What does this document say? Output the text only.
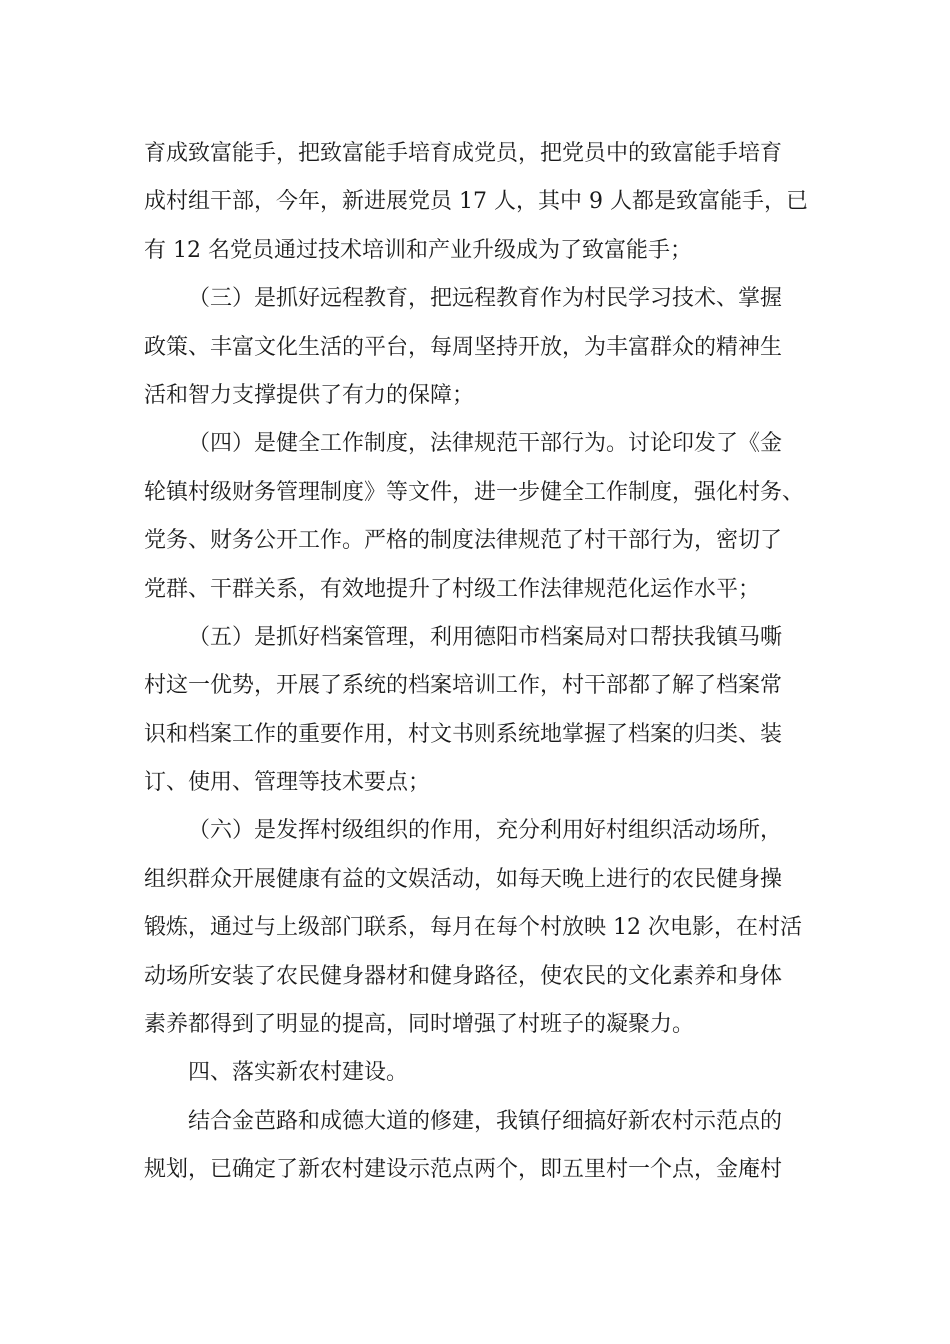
育成致富能手，把致富能手培育成党员，把党员中的致富能手培育
成村组干部，今年，新进展党员 17 人，其中 9 人都是致富能手，已
有 12 名党员通过技术培训和产业升级成为了致富能手；
（三）是抓好远程教育，把远程教育作为村民学习技术、掌握
政策、丰富文化生活的平台，每周坚持开放，为丰富群众的精神生
活和智力支撑提供了有力的保障；
（四）是健全工作制度，法律规范干部行为。讨论印发了《金
轮镇村级财务管理制度》等文件，进一步健全工作制度，强化村务、
党务、财务公开工作。严格的制度法律规范了村干部行为，密切了
党群、干群关系，有效地提升了村级工作法律规范化运作水平；
（五）是抓好档案管理，利用德阳市档案局对口帮扶我镇马嘶
村这一优势，开展了系统的档案培训工作，村干部都了解了档案常
识和档案工作的重要作用，村文书则系统地掌握了档案的归类、装
订、使用、管理等技术要点；
（六）是发挥村级组织的作用，充分利用好村组织活动场所，
组织群众开展健康有益的文娱活动，如每天晚上进行的农民健身操
锻炼，通过与上级部门联系，每月在每个村放映 12 次电影，在村活
动场所安装了农民健身器材和健身路径，使农民的文化素养和身体
素养都得到了明显的提高，同时增强了村班子的凝聚力。
四、落实新农村建设。
结合金芭路和成德大道的修建，我镇仔细搞好新农村示范点的
规划，已确定了新农村建设示范点两个，即五里村一个点，金庵村
